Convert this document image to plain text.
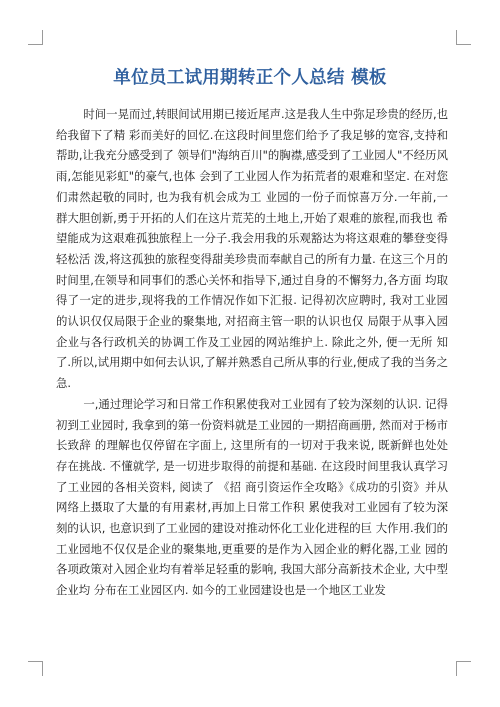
单位员工试用期转正个人总结 模板

时间一晃而过,转眼间试用期已接近尾声.这是我人生中弥足珍贵的经历,也给我留下了精 彩而美好的回忆.在这段时间里您们给予了我足够的宽容,支持和帮助,让我充分感受到了 领导们"海纳百川"的胸襟,感受到了工业园人"不经历风雨,怎能见彩虹"的豪气,也体 会到了工业园人作为拓荒者的艰难和坚定. 在对您们肃然起敬的同时, 也为我有机会成为工 业园的一份子而惊喜万分.一年前,一群大胆创新,勇于开拓的人们在这片荒芜的土地上,开始了艰难的旅程,而我也 希望能成为这艰难孤独旅程上一分子.我会用我的乐观豁达为将这艰难的攀登变得轻松活 泼,将这孤独的旅程变得甜美珍贵而奉献自己的所有力量. 在这三个月的时间里,在领导和同事们的悉心关怀和指导下,通过自身的不懈努力,各方面 均取得了一定的进步,现将我的工作情况作如下汇报. 记得初次应聘时, 我对工业园的认识仅仅局限于企业的聚集地, 对招商主管一职的认识也仅 局限于从事入园企业与各行政机关的协调工作及工业园的网站维护上. 除此之外, 便一无所 知了.所以,试用期中如何去认识,了解并熟悉自己所从事的行业,便成了我的当务之急.

一,通过理论学习和日常工作积累使我对工业园有了较为深刻的认识. 记得初到工业园时, 我拿到的第一份资料就是工业园的一期招商画册, 然而对于杨市长致辞 的理解也仅停留在字面上, 这里所有的一切对于我来说, 既新鲜也处处存在挑战. 不懂就学, 是一切进步取得的前提和基础. 在这段时间里我认真学习了工业园的各相关资料, 阅读了 《招 商引资运作全攻略》《成功的引资》并从网络上摄取了大量的有用素材,再加上日常工作积 累使我对工业园有了较为深刻的认识, 也意识到了工业园的建设对推动怀化工业化进程的巨 大作用.我们的工业园地不仅仅是企业的聚集地,更重要的是作为入园企业的孵化器,工业 园的各项政策对入园企业均有着举足轻重的影响, 我国大部分高新技术企业, 大中型企业均 分布在工业园区内. 如今的工业园建设也是一个地区工业发
